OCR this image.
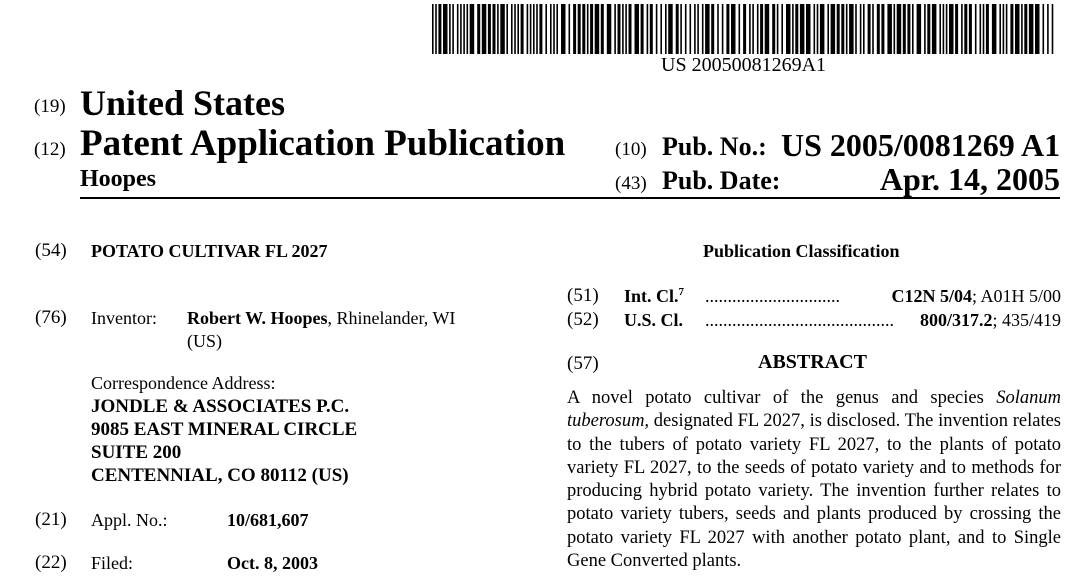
US 20050081269A1
(19) United States
(12) Patent Application Publication
Hoopes
(10) Pub. No.: US 2005/0081269 A1
(43) Pub. Date:	Apr. 14, 2005
(54) POTATO CULTIVAR FL 2027
(76) Inventor: Robert W. Hoopes, Rhinelander, WI
(US)
Correspondence Address:
JONDLE & ASSOCIATES P.C.
9085 EAST MINERAL CIRCLE
SUITE 200
CENTENNIAL, CO 80112 (US)
(21) Appl. No.:	10/681,607
(22) Filed:	Oct. 8, 2003
Publication Classification
(51) Int. Cl.$^7$ ..............................	C12N 5/04; A01H 5/00
(52) U.S. Cl. .......................................... 800/317.2; 435/419
(57)	ABSTRACT
A novel potato cultivar of the genus and species Solanum tuberosum, designated FL 2027, is disclosed. The invention relates to the tubers of potato variety FL 2027, to the plants of potato variety FL 2027, to the seeds of potato variety and to methods for producing hybrid potato variety. The invention further relates to potato variety tubers, seeds and plants produced by crossing the potato variety FL 2027 with another potato plant, and to Single Gene Converted plants.
